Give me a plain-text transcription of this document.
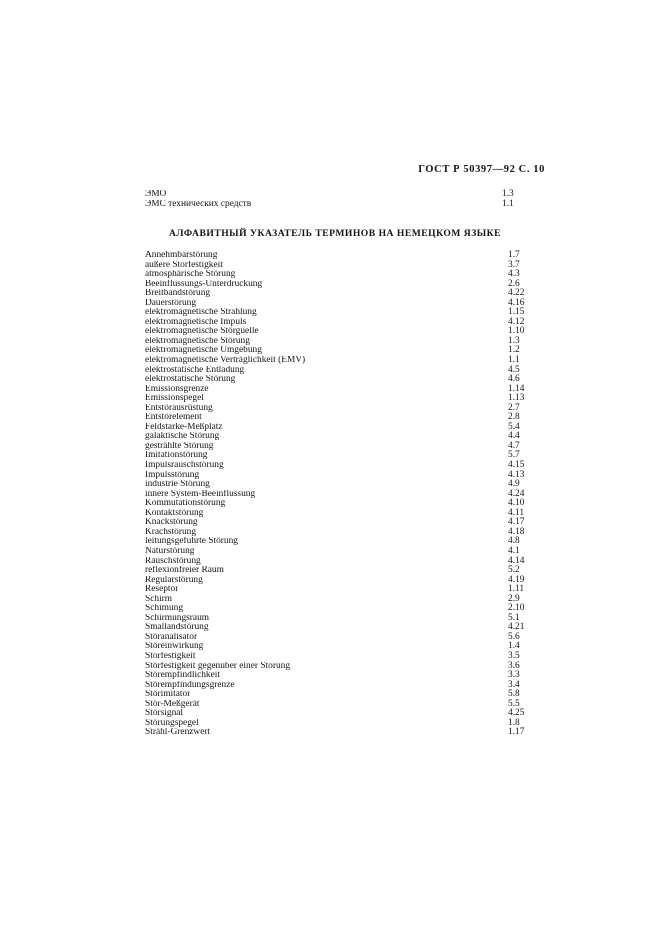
ГОСТ Р 50397—92 С. 10
ЭМО	1.3
ЭМС технических средств	1.1
АЛФАВИТНЫЙ УКАЗАТЕЛЬ ТЕРМИНОВ НА НЕМЕЦКОМ ЯЗЫКЕ
Annehmbarstörung	1.7
außere Storfestigkeit	3.7
atmosphärische Störung	4.3
Beeinflussungs-Unterdruckung	2.6
Breitbandstörung	4.22
Dauerstörung	4.16
elektromagnetische Strahlung	1.15
elektromagnetische Impuls	4.12
elektromagnetische Störguelle	1.10
elektromagnetische Störung	1.3
elektromagnetische Umgebung	1.2
elektromagnetische Verträglichkeit (EMV)	1.1
elektrostatische Entladung	4.5
elektrostatische Störung	4.6
Emissionsgrenze	1.14
Emissionspegel	1.13
Entstörausrüstung	2.7
Entstörelement	2.8
Feldstarke-Meßplatz	5.4
galaktische Störung	4.4
gestrählte Störung	4.7
Imitationstörung	5.7
Impulsrauschstörung	4.15
Impulsstörung	4.13
industrie Störung	4.9
innere System-Beeinflussung	4.24
Kommutationstörung	4.10
Kontaktstörung	4.11
Knackstörung	4.17
Krachstörung	4.18
leitungsgefuhrte Störung	4.8
Naturstörung	4.1
Rauschstörung	4.14
reflexionfreier Raum	5.2
Regularstörung	4.19
Reseptor	1.11
Schirm	2.9
Schimung	2.10
Schirmungsraum	5.1
Smallandstörung	4.21
Störanalisator	5.6
Störeinwirkung	1.4
Storfestigkeit	3.5
Störfestigkeit gegenuber einer Storung	3.6
Störempfindlichkeit	3.3
Störempfindungsgrenze	3.4
Störimitator	5.8
Stör-Meßgerät	5.5
Störsignal	4.25
Störungspegel	1.8
Strähl-Grenzwert	1.17
